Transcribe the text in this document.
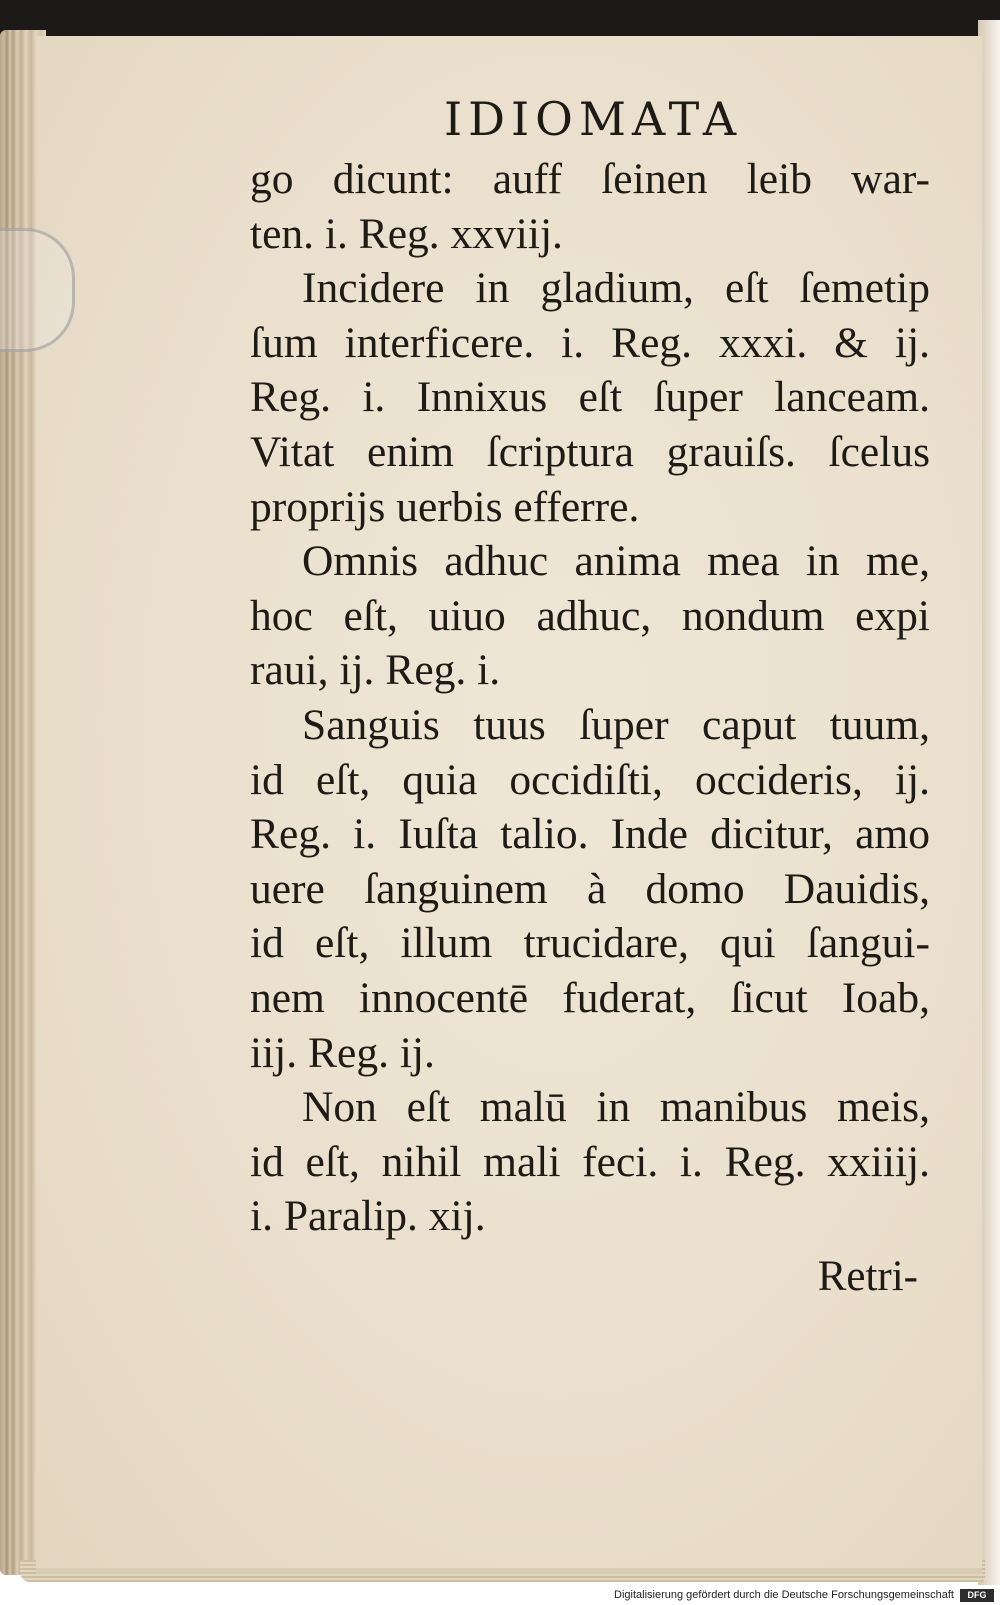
IDIOMATA
go dicunt: auff ſeinen leib war-
ten. i. Reg. xxviij.
Incidere in gladium, eſt ſemetip
ſum interficere. i. Reg. xxxi. & ij.
Reg. i. Innixus eſt ſuper lanceam.
Vitat enim ſcriptura grauiſs. ſcelus
proprijs uerbis efferre.
Omnis adhuc anima mea in me,
hoc eſt, uiuo adhuc, nondum expi
raui, ij. Reg. i.
Sanguis tuus ſuper caput tuum,
id eſt, quia occidiſti, occideris, ij.
Reg. i. Iuſta talio. Inde dicitur, amo
uere ſanguinem à domo Dauidis,
id eſt, illum trucidare, qui ſangui-
nem innocentē fuderat, ſicut Ioab,
iij. Reg. ij.
Non eſt malū in manibus meis,
id eſt, nihil mali feci. i. Reg. xxiiij.
i. Paralip. xij.
Retri-
Digitalisierung gefördert durch die Deutsche Forschungsgemeinschaft	DFG
